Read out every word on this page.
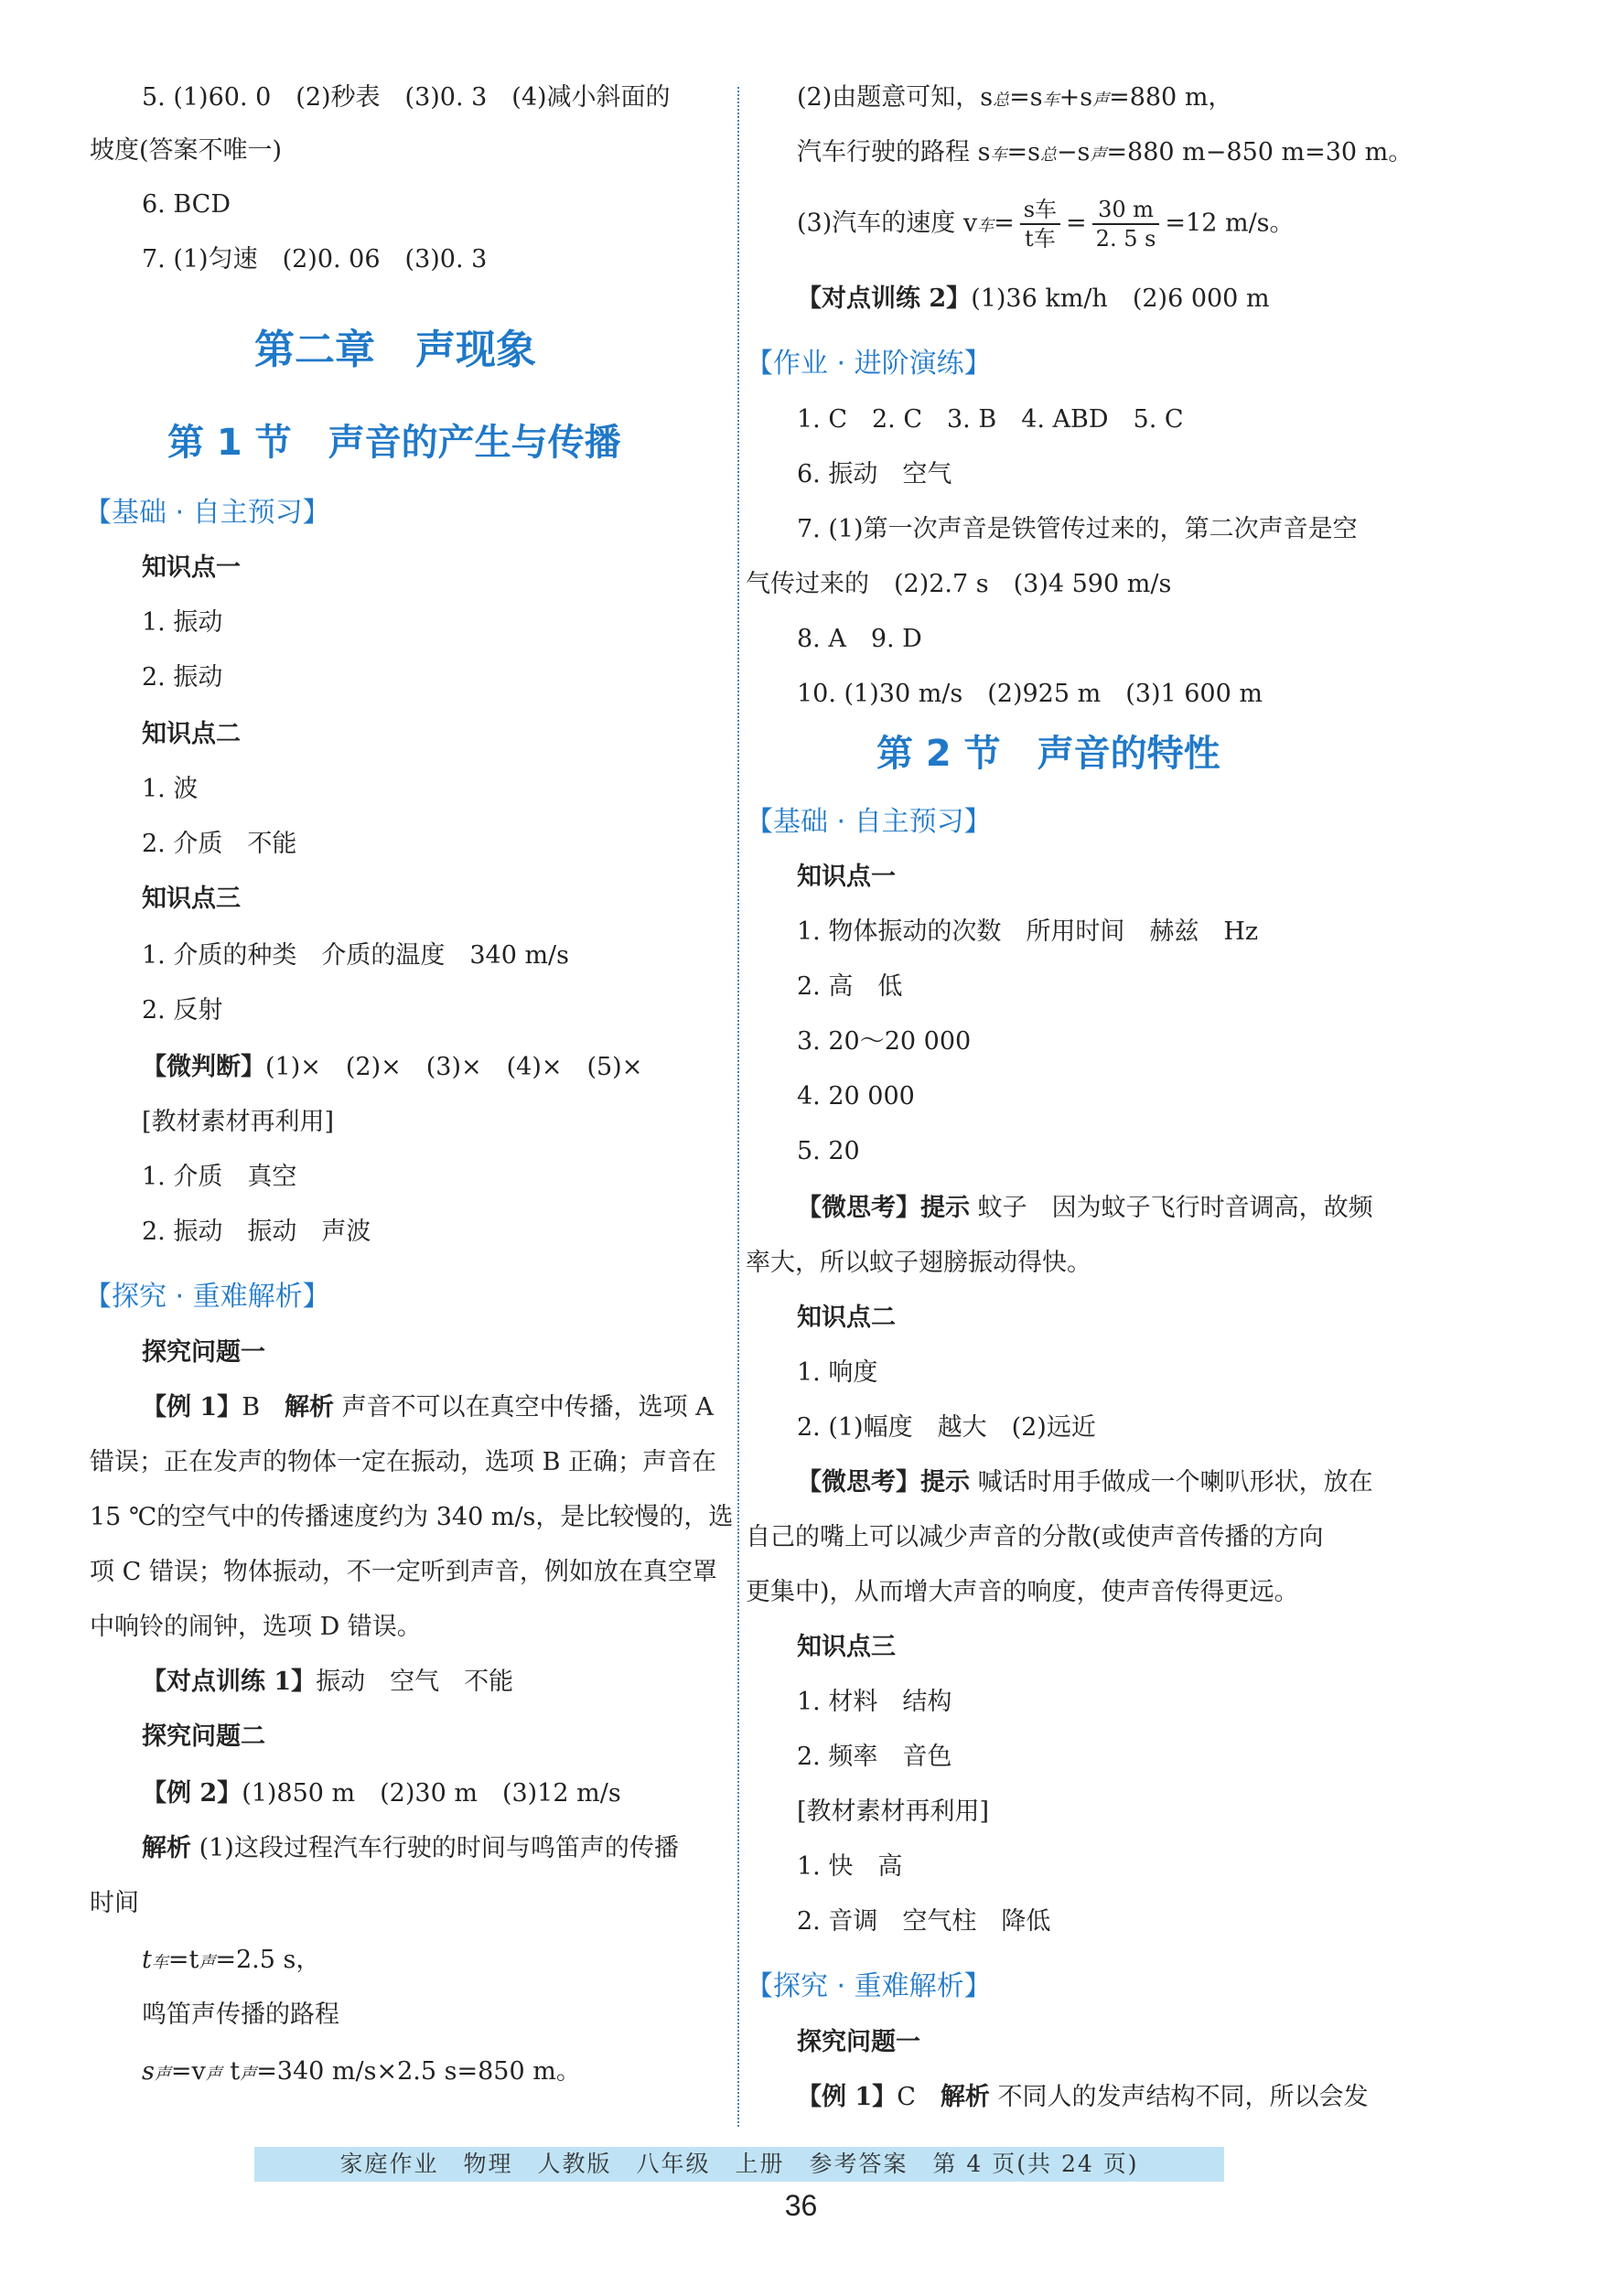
5. (1)60. 0　(2)秒表　(3)0. 3　(4)减小斜面的
坡度(答案不唯一)
6. BCD
7. (1)匀速　(2)0. 06　(3)0. 3
第二章　声现象
第 1 节　声音的产生与传播
【基础 · 自主预习】
知识点一
1. 振动
2. 振动
知识点二
1. 波
2. 介质　不能
知识点三
1. 介质的种类　介质的温度　340 m/s
2. 反射
【微判断】(1)×　(2)×　(3)×　(4)×　(5)×
[教材素材再利用]
1. 介质　真空
2. 振动　振动　声波
【探究 · 重难解析】
探究问题一
【例 1】B　 解析 声音不可以在真空中传播，选项 A
错误；正在发声的物体一定在振动，选项 B 正确；声音在
15 ℃的空气中的传播速度约为 340 m/s，是比较慢的，选
项 C 错误；物体振动，不一定听到声音，例如放在真空罩
中响铃的闹钟，选项 D 错误。
【对点训练 1】振动　空气　不能
探究问题二
【例 2】(1)850 m　(2)30 m　(3)12 m/s
解析 (1)这段过程汽车行驶的时间与鸣笛声的传播
时间
t车=t声=2.5 s，
鸣笛声传播的路程
s声=v声 t声=340 m/s×2.5 s=850 m。
(2)由题意可知，s总=s车+s声=880 m，
汽车行驶的路程 s车=s总−s声=880 m−850 m=30 m。
(3)汽车的速度 v车= $\frac{\text{s车}}{\text{t车}} = \frac{30 m}{2. 5 s} =12$ m/s。
【对点训练 2】(1)36 km/h　(2)6 000 m
【作业 · 进阶演练】
1. C　2. C　3. B　4. ABD　5. C
6. 振动　空气
7. (1)第一次声音是铁管传过来的，第二次声音是空
气传过来的　(2)2.7 s　(3)4 590 m/s
8. A　9. D
10. (1)30 m/s　(2)925 m　(3)1 600 m
第 2 节　声音的特性
【基础 · 自主预习】
知识点一
1. 物体振动的次数　所用时间　赫兹　Hz
2. 高　低
3. 20～20 000
4. 20 000
5. 20
【微思考】提示 蚊子　因为蚊子飞行时音调高，故频
率大，所以蚊子翅膀振动得快。
知识点二
1. 响度
2. (1)幅度　越大　(2)远近
【微思考】提示 喊话时用手做成一个喇叭形状，放在
自己的嘴上可以减少声音的分散(或使声音传播的方向
更集中)，从而增大声音的响度，使声音传得更远。
知识点三
1. 材料　结构
2. 频率　音色
[教材素材再利用]
1. 快　高
2. 音调　空气柱　降低
【探究 · 重难解析】
探究问题一
【例 1】C　 解析 不同人的发声结构不同，所以会发
家庭作业　物理　人教版　八年级　上册　参考答案　第 4 页(共 24 页)
36
